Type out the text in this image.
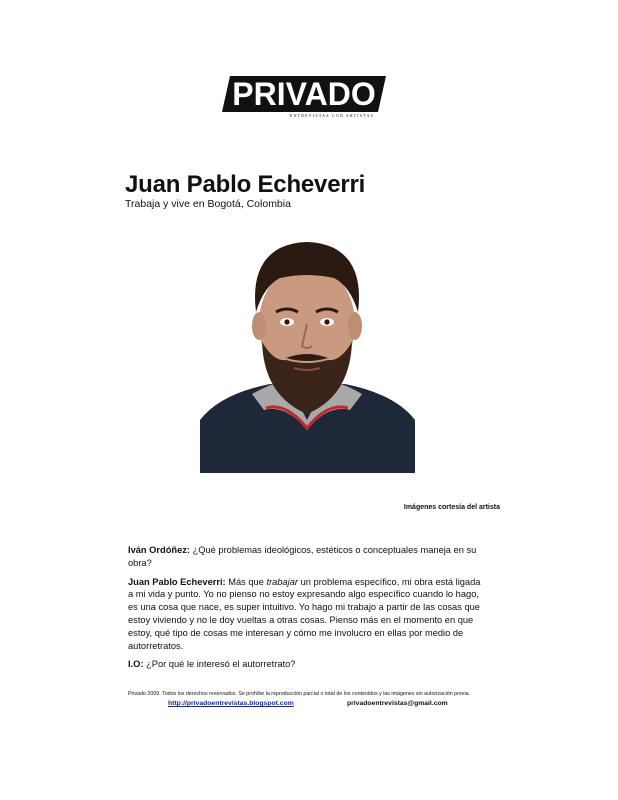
PRIVADO
ENTREVISTAS CON ARTISTAS
Juan Pablo Echeverri
Trabaja y vive en Bogotá, Colombia
Imágenes cortesía del artista

Iván Ordóñez: ¿Qué problemas ideológicos, estéticos o conceptuales maneja en su obra?

Juan Pablo Echeverri: Más que trabajar un problema específico, mi obra está ligada a mi vida y punto. Yo no pienso no estoy expresando algo específico cuando lo hago, es una cosa que nace, es super intuitivo. Yo hago mi trabajo a partir de las cosas que estoy viviendo y no le doy vueltas a otras cosas. Pienso más en el momento en que estoy, qué tipo de cosas me interesan y cómo me involucro en ellas por medio de autorretratos.

I.O: ¿Por qué le interesó el autorretrato?

Privado 2009. Todos los derechos reservados. Se prohíbe la reproducción parcial o total de los contenidos y las imágenes sin autorización previa.
http://privadoentrevistas.blogspot.com	privadoentrevistas@gmail.com
